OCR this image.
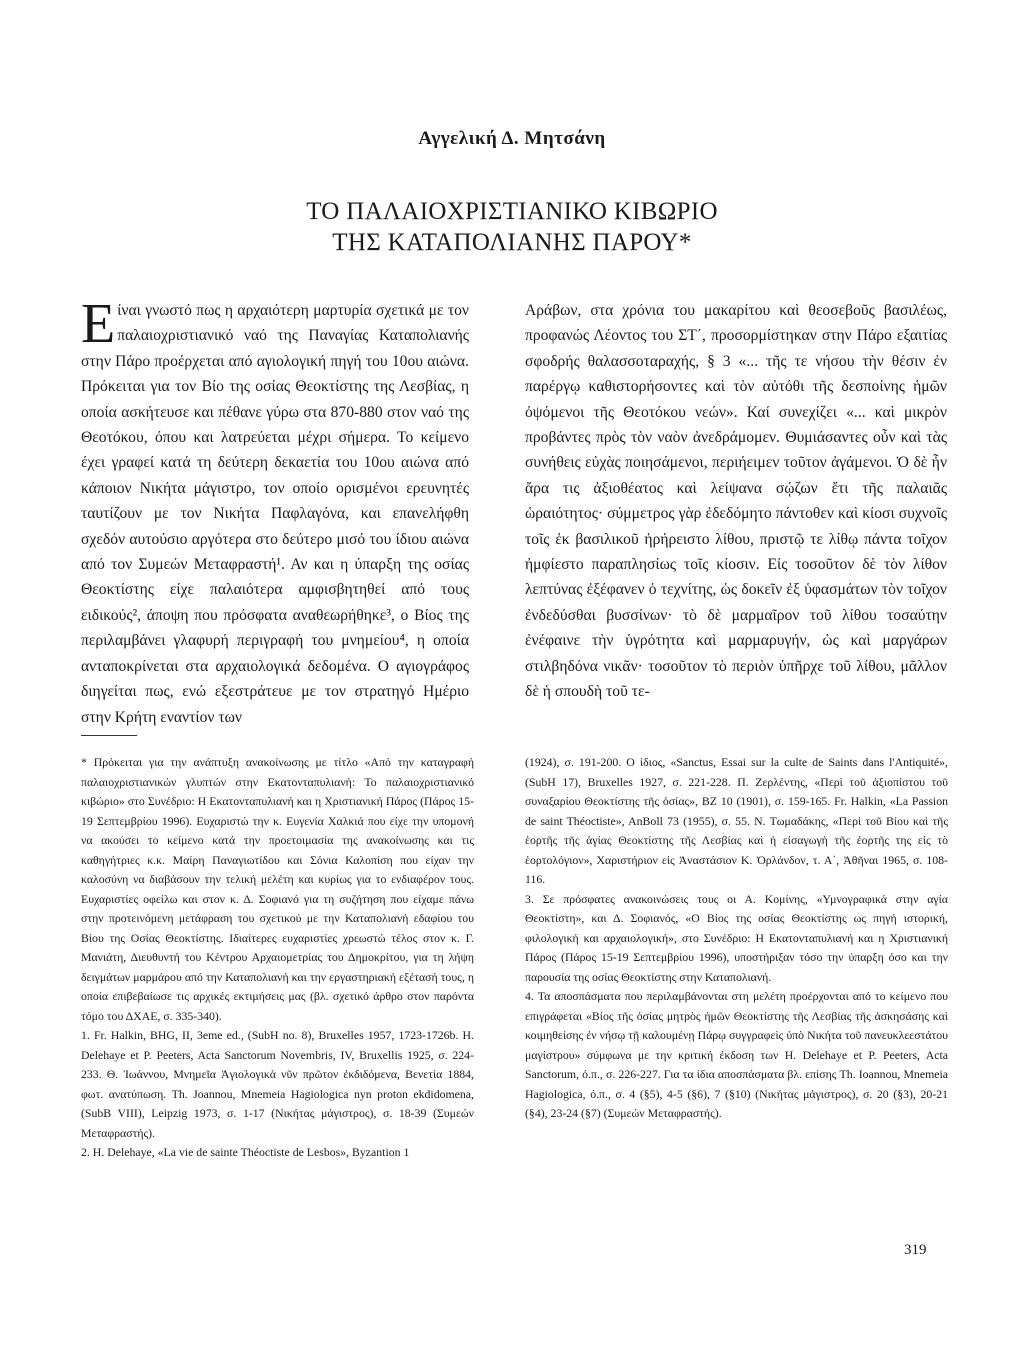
Αγγελική Δ. Μητσάνη
ΤΟ ΠΑΛΑΙΟΧΡΙΣΤΙΑΝΙΚΟ ΚΙΒΩΡΙΟ
ΤΗΣ ΚΑΤΑΠΟΛΙΑΝΗΣ ΠΑΡΟΥ*
Ε ίναι γνωστό πως η αρχαιότερη μαρτυρία σχετικά με τον παλαιοχριστιανικό ναό της Παναγίας Καταπολιανής στην Πάρο προέρχεται από αγιολογική πηγή του 10ου αιώνα. Πρόκειται για τον Βίο της οσίας Θεοκτίστης της Λεσβίας, η οποία ασκήτευσε και πέθανε γύρω στα 870-880 στον ναό της Θεοτόκου, όπου και λατρεύεται μέχρι σήμερα. Το κείμενο έχει γραφεί κατά τη δεύτερη δεκαετία του 10ου αιώνα από κάποιον Νικήτα μάγιστρο, τον οποίο ορισμένοι ερευνητές ταυτίζουν με τον Νικήτα Παφλαγόνα, και επανελήφθη σχεδόν αυτούσιο αργότερα στο δεύτερο μισό του ίδιου αιώνα από τον Συμεών Μεταφραστή¹. Αν και η ύπαρξη της οσίας Θεοκτίστης είχε παλαιότερα αμφισβητηθεί από τους ειδικούς², άποψη που πρόσφατα αναθεωρήθηκε³, ο Βίος της περιλαμβάνει γλαφυρή περιγραφή του μνημείου⁴, η οποία ανταποκρίνεται στα αρχαιολογικά δεδομένα. Ο αγιογράφος διηγείται πως, ενώ εξεστράτευε με τον στρατηγό Ημέριο στην Κρήτη εναντίον των
Αράβων, στα χρόνια του μακαρίτου καὶ θεοσεβοῦς βασιλέως, προφανώς Λέοντος του ΣΤ΄, προσορμίστηκαν στην Πάρο εξαιτίας σφοδρής θαλασσοταραχής, § 3 «... τῆς τε νήσου τὴν θέσιν ἐν παρέργῳ καθιστορήσοντες καὶ τὸν αὐτόθι τῆς δεσποίνης ἡμῶν ὀψόμενοι τῆς Θεοτόκου νεών». Καί συνεχίζει «... καὶ μικρὸν προβάντες πρὸς τὸν ναὸν ἀνεδράμομεν. Θυμιάσαντες οὖν καὶ τὰς συνήθεις εὐχὰς ποιησάμενοι, περιήειμεν τοῦτον ἀγάμενοι. Ὁ δὲ ἦν ἄρα τις ἀξιοθέατος καὶ λείψανα σῴζων ἔτι τῆς παλαιᾶς ὡραιότητος· σύμμετρος γὰρ ἐδεδόμητο πάντοθεν καὶ κίοσι συχνοῖς τοῖς ἐκ βασιλικοῦ ἠρήρειστο λίθου, πριστῷ τε λίθῳ πάντα τοῖχον ἠμφίεστο παραπλησίως τοῖς κίοσιν. Εἰς τοσοῦτον δὲ τὸν λίθον λεπτύνας ἐξέφανεν ὁ τεχνίτης, ὡς δοκεῖν ἐξ ὑφασμάτων τὸν τοῖχον ἐνδεδύσθαι βυσσίνων· τὸ δὲ μαρμαῖρον τοῦ λίθου τοσαύτην ἐνέφαινε τὴν ὑγρότητα καὶ μαρμαρυγήν, ὡς καὶ μαργάρων στιλβηδόνα νικᾶν· τοσοῦτον τὸ περιὸν ὑπῆρχε τοῦ λίθου, μᾶλλον δὲ ἡ σπουδὴ τοῦ τε-

* Πρόκειται για την ανάπτυξη ανακοίνωσης με τίτλο «Από την καταγραφή παλαιοχριστιανικών γλυπτών στην Εκατονταπυλιανή: Το παλαιοχριστιανικό κιβώριο» στο Συνέδριο: Η Εκατονταπυλιανή και η Χριστιανική Πάρος (Πάρος 15-19 Σεπτεμβρίου 1996). Ευχαριστώ την κ. Ευγενία Χαλκιά που είχε την υπομονή να ακούσει το κείμενο κατά την προετοιμασία της ανακοίνωσης και τις καθηγήτριες κ.κ. Μαίρη Παναγιωτίδου και Σόνια Καλοπίση που είχαν την καλοσύνη να διαβάσουν την τελική μελέτη και κυρίως για το ενδιαφέρον τους. Ευχαριστίες οφείλω και στον κ. Δ. Σοφιανό για τη συζήτηση που είχαμε πάνω στην προτεινόμενη μετάφραση του σχετικού με την Καταπολιανή εδαφίου του Βίου της Οσίας Θεοκτίστης. Ιδιαίτερες ευχαριστίες χρεωστώ τέλος στον κ. Γ. Μανιάτη, Διευθυντή του Κέντρου Αρχαιομετρίας του Δημοκρίτου, για τη λήψη δειγμάτων μαρμάρου από την Καταπολιανή και την εργαστηριακή εξέτασή τους, η οποία επιβεβαίωσε τις αρχικές εκτιμήσεις μας (βλ. σχετικό άρθρο στον παρόντα τόμο του ΔΧΑΕ, σ. 335-340).

1. Fr. Halkin, BHG, II, 3eme ed., (SubH no. 8), Bruxelles 1957, 1723-1726b. H. Delehaye et P. Peeters, Acta Sanctorum Novembris, IV, Bruxellis 1925, σ. 224-233. Θ. Ἰωάννου, Μνημεῖα Ἁγιολογικὰ νῦν πρῶτον ἐκδιδόμενα, Βενετία 1884, φωτ. ανατύπωση. Th. Joannou, Mnemeia Hagiologica nyn proton ekdidomena, (SubB VIII), Leipzig 1973, σ. 1-17 (Νικήτας μάγιστρος), σ. 18-39 (Συμεών Μεταφραστής).

2. H. Delehaye, «La vie de sainte Théoctiste de Lesbos», Byzantion 1

(1924), σ. 191-200. Ο ίδιος, «Sanctus, Essai sur la culte de Saints dans l'Antiquité», (SubH 17), Bruxelles 1927, σ. 221-228. Π. Ζερλέντης, «Περὶ τοῦ ἀξιοπίστου τοῦ συναξαρίου Θεοκτίστης τῆς ὁσίας», BZ 10 (1901), σ. 159-165. Fr. Halkin, «La Passion de saint Théoctiste», AnBoll 73 (1955), σ. 55. Ν. Τωμαδάκης, «Περὶ τοῦ Βίου καὶ τῆς ἑορτῆς τῆς ἁγίας Θεοκτίστης τῆς Λεσβίας καὶ ἡ εἰσαγωγὴ τῆς ἑορτῆς της εἰς τὸ ἑορτολόγιον», Χαριστήριον εἰς Ἀναστάσιον Κ. Ὀρλάνδον, τ. Α΄, Ἀθῆναι 1965, σ. 108-116.

3. Σε πρόσφατες ανακοινώσεις τους οι Α. Κομίνης, «Υμνογραφικά στην αγία Θεοκτίστη», και Δ. Σοφιανός, «Ο Βίος της οσίας Θεοκτίστης ως πηγή ιστορική, φιλολογική και αρχαιολογική», στο Συνέδριο: Η Εκατονταπυλιανή και η Χριστιανική Πάρος (Πάρος 15-19 Σεπτεμβρίου 1996), υποστήριξαν τόσο την ύπαρξη όσο και την παρουσία της οσίας Θεοκτίστης στην Καταπολιανή.

4. Τα αποσπάσματα που περιλαμβάνονται στη μελέτη προέρχονται από το κείμενο που επιγράφεται «Βίος τῆς ὁσίας μητρὸς ἡμῶν Θεοκτίστης τῆς Λεσβίας τῆς ἀσκησάσης καὶ κοιμηθείσης ἐν νήσῳ τῇ καλουμένῃ Πάρῳ συγγραφεὶς ὑπὸ Νικήτα τοῦ πανευκλεεστάτου μαγίστρου» σύμφωνα με την κριτική έκδοση των H. Delehaye et P. Peeters, Acta Sanctorum, ό.π., σ. 226-227. Για τα ίδια αποσπάσματα βλ. επίσης Th. Ioannou, Mnemeia Hagiologica, ό.π., σ. 4 (§5), 4-5 (§6), 7 (§10) (Νικήτας μάγιστρος), σ. 20 (§3), 20-21 (§4), 23-24 (§7) (Συμεών Μεταφραστής).

319
